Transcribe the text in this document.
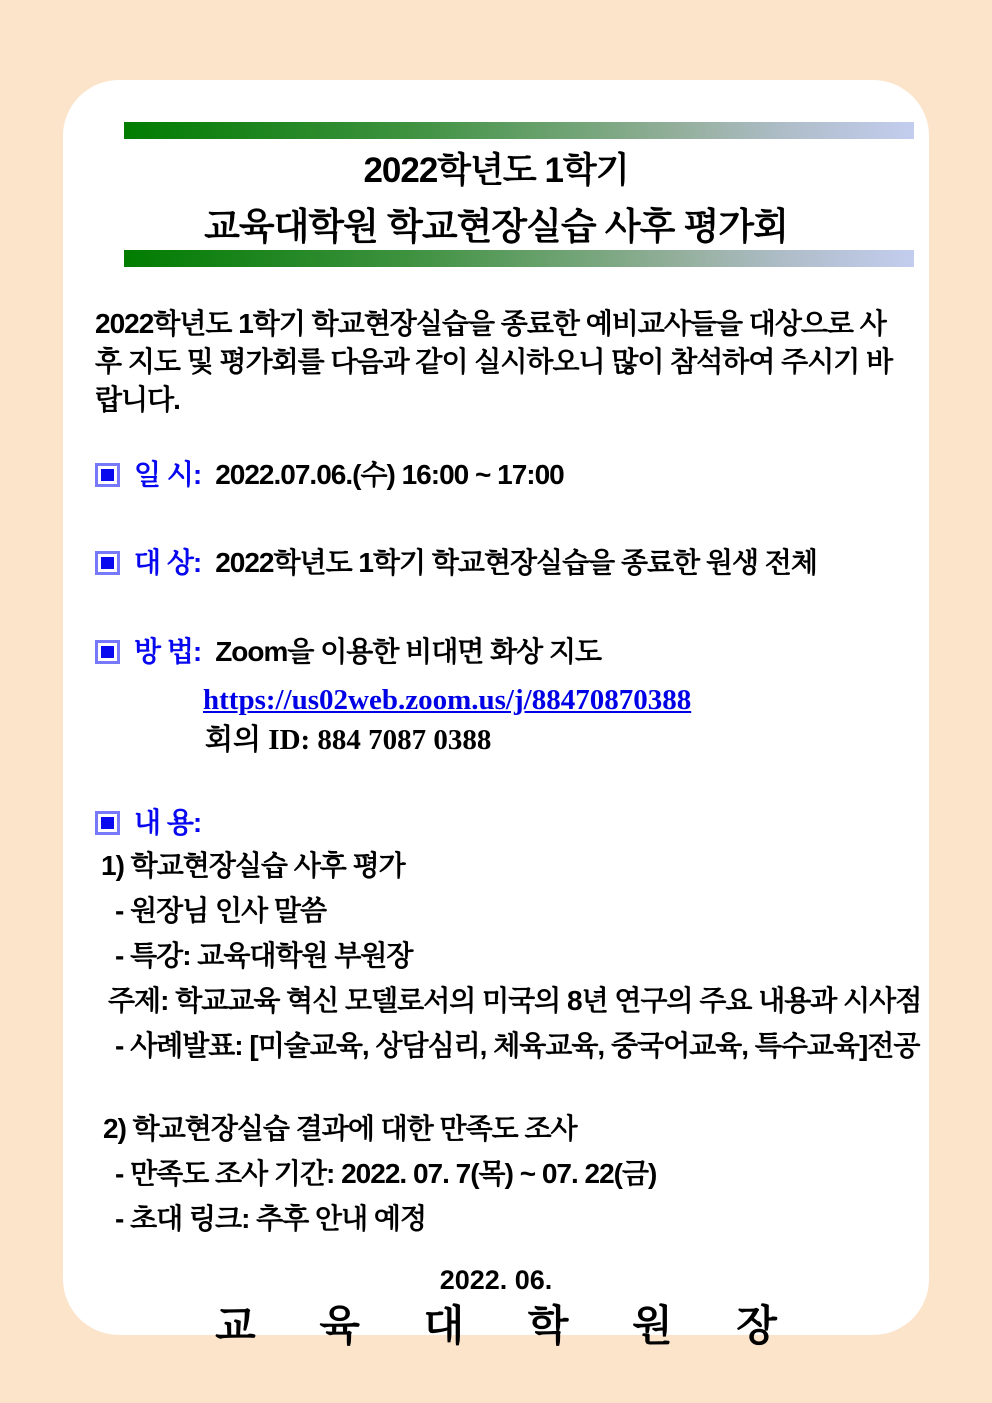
2022학년도 1학기
교육대학원 학교현장실습 사후 평가회
2022학년도 1학기 학교현장실습을 종료한 예비교사들을 대상으로 사후 지도 및 평가회를 다음과 같이 실시하오니 많이 참석하여 주시기 바랍니다.
일 시: 2022.07.06.(수) 16:00 ~ 17:00
대 상: 2022학년도 1학기 학교현장실습을 종료한 원생 전체
방 법: Zoom을 이용한 비대면 화상 지도
https://us02web.zoom.us/j/88470870388
회의 ID: 884 7087 0388
내 용:
1) 학교현장실습 사후 평가
- 원장님 인사 말씀
- 특강: 교육대학원 부원장
주제: 학교교육 혁신 모델로서의 미국의 8년 연구의 주요 내용과 시사점
- 사례발표: [미술교육, 상담심리, 체육교육, 중국어교육, 특수교육]전공
2) 학교현장실습 결과에 대한 만족도 조사
- 만족도 조사 기간: 2022. 07. 7(목) ~ 07. 22(금)
- 초대 링크: 추후 안내 예정
2022. 06.
교 육 대 학 원 장
